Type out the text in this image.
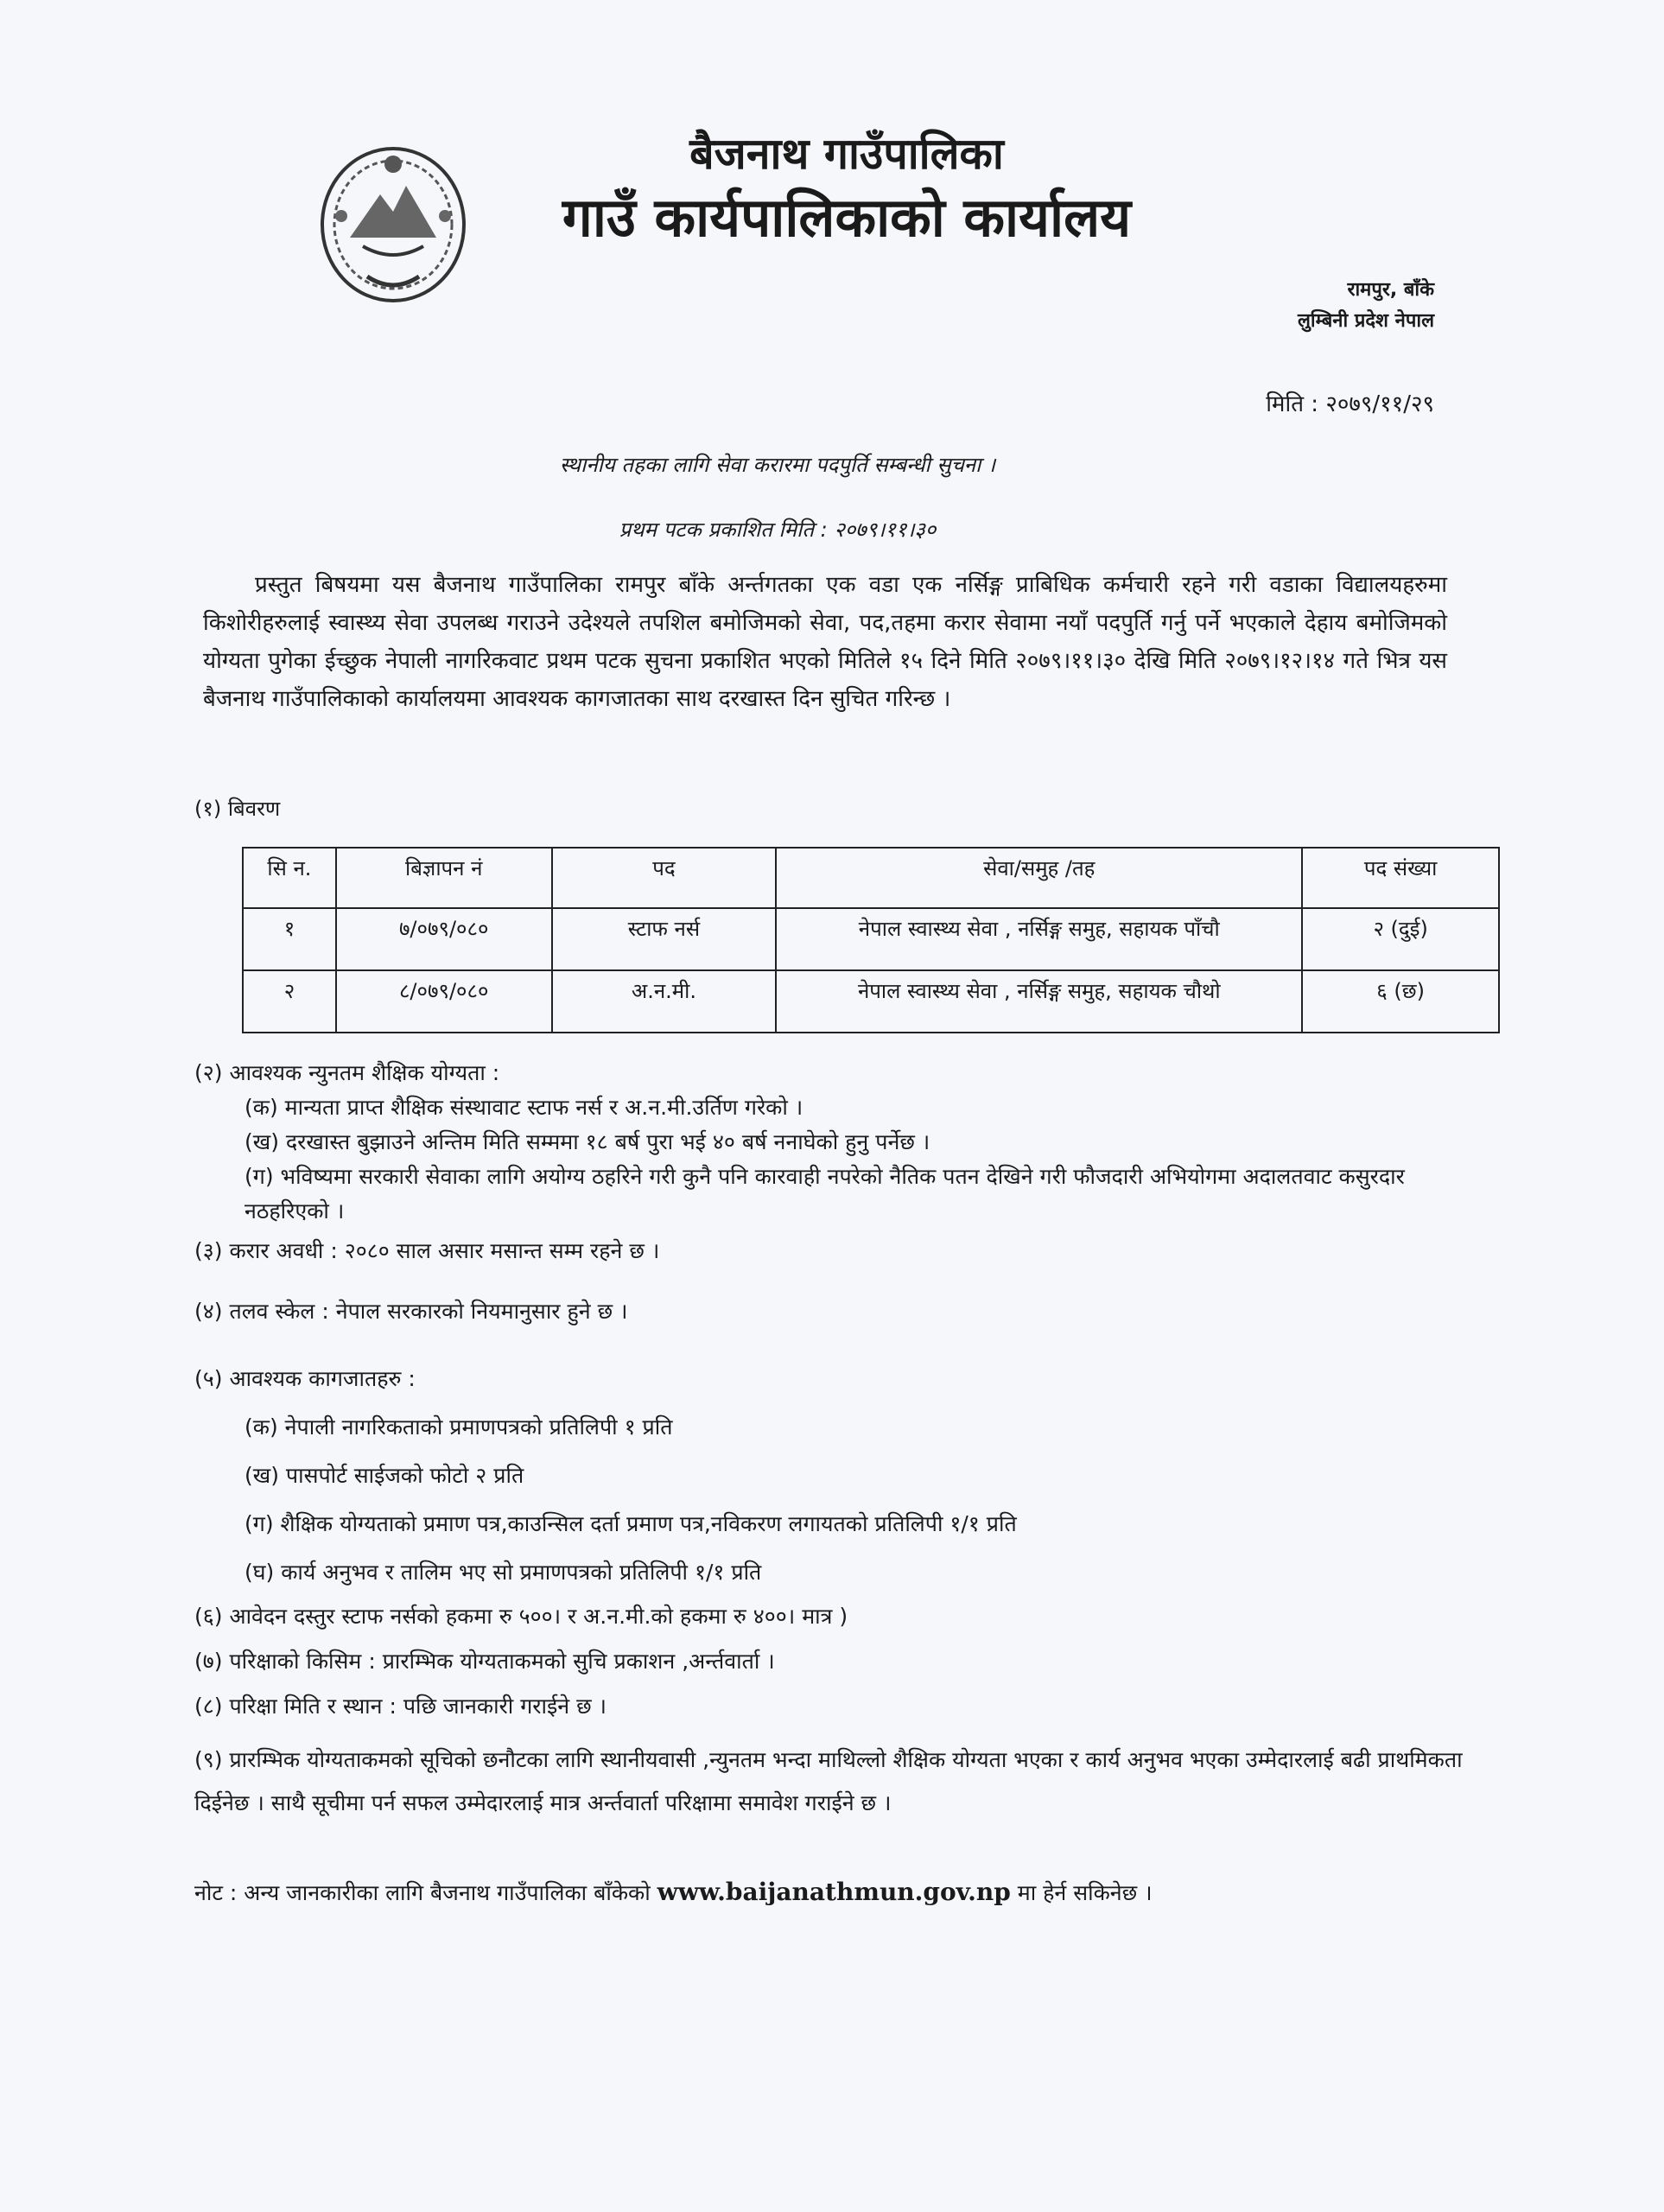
बैजनाथ गाउँपालिका
गाउँ कार्यपालिकाको कार्यालय
रामपुर, बाँके
लुम्बिनी प्रदेश नेपाल
मिति : २०७९/११/२९
स्थानीय तहका लागि सेवा करारमा पदपुर्ति सम्बन्धी सुचना ।
प्रथम पटक प्रकाशित मिति : २०७९।११।३०

प्रस्तुत बिषयमा यस बैजनाथ गाउँपालिका रामपुर बाँके अर्न्तगतका एक वडा एक नर्सिङ्ग प्राबिधिक कर्मचारी रहने गरी वडाका विद्यालयहरुमा किशोरीहरुलाई स्वास्थ्य सेवा उपलब्ध गराउने उदेश्यले तपशिल बमोजिमको सेवा, पद,तहमा करार सेवामा नयाँ पदपुर्ति गर्नु पर्ने भएकाले देहाय बमोजिमको योग्यता पुगेका ईच्छुक नेपाली नागरिकवाट प्रथम पटक सुचना प्रकाशित भएको मितिले १५ दिने मिति २०७९।११।३० देखि मिति २०७९।१२।१४ गते भित्र यस बैजनाथ गाउँपालिकाको कार्यालयमा आवश्यक कागजातका साथ दरखास्त दिन सुचित गरिन्छ ।

(१) बिवरण
सि न.	बिज्ञापन नं	पद	सेवा/समुह /तह	पद संख्या
१	७/०७९/०८०	स्टाफ नर्स	नेपाल स्वास्थ्य सेवा , नर्सिङ्ग समुह, सहायक पाँचौ	२ (दुई)
२	८/०७९/०८०	अ.न.मी.	नेपाल स्वास्थ्य सेवा , नर्सिङ्ग समुह, सहायक चौथो	६ (छ)
(२) आवश्यक न्युनतम शैक्षिक योग्यता :
(क) मान्यता प्राप्त शैक्षिक संस्थावाट स्टाफ नर्स र अ.न.मी.उर्तिण गरेको ।
(ख) दरखास्त बुझाउने अन्तिम मिति सम्ममा १८ बर्ष पुरा भई ४० बर्ष ननाघेको हुनु पर्नेछ ।
(ग) भविष्यमा सरकारी सेवाका लागि अयोग्य ठहरिने गरी कुनै पनि कारवाही नपरेको नैतिक पतन देखिने गरी फौजदारी अभियोगमा अदालतवाट कसुरदार नठहरिएको ।
(३) करार अवधी : २०८० साल असार मसान्त सम्म रहने छ ।
(४) तलव स्केल : नेपाल सरकारको नियमानुसार हुने छ ।
(५) आवश्यक कागजातहरु :
(क) नेपाली नागरिकताको प्रमाणपत्रको प्रतिलिपी १ प्रति
(ख) पासपोर्ट साईजको फोटो २ प्रति
(ग) शैक्षिक योग्यताको प्रमाण पत्र,काउन्सिल दर्ता प्रमाण पत्र,नविकरण लगायतको प्रतिलिपी १/१ प्रति
(घ) कार्य अनुभव र तालिम भए सो प्रमाणपत्रको प्रतिलिपी १/१ प्रति
(६) आवेदन दस्तुर स्टाफ नर्सको हकमा रु ५००। र अ.न.मी.को हकमा रु ४००। मात्र )
(७) परिक्षाको किसिम : प्रारम्भिक योग्यताकमको सुचि प्रकाशन ,अर्न्तवार्ता ।
(८) परिक्षा मिति र स्थान : पछि जानकारी गराईने छ ।
(९) प्रारम्भिक योग्यताकमको सूचिको छनौटका लागि स्थानीयवासी ,न्युनतम भन्दा माथिल्लो शैक्षिक योग्यता भएका र कार्य अनुभव भएका उम्मेदारलाई बढी प्राथमिकता दिईनेछ । साथै सूचीमा पर्न सफल उम्मेदारलाई मात्र अर्न्तवार्ता परिक्षामा समावेश गराईने छ ।
नोट : अन्य जानकारीका लागि बैजनाथ गाउँपालिका बाँकेको www.baijanathmun.gov.np मा हेर्न सकिनेछ ।
